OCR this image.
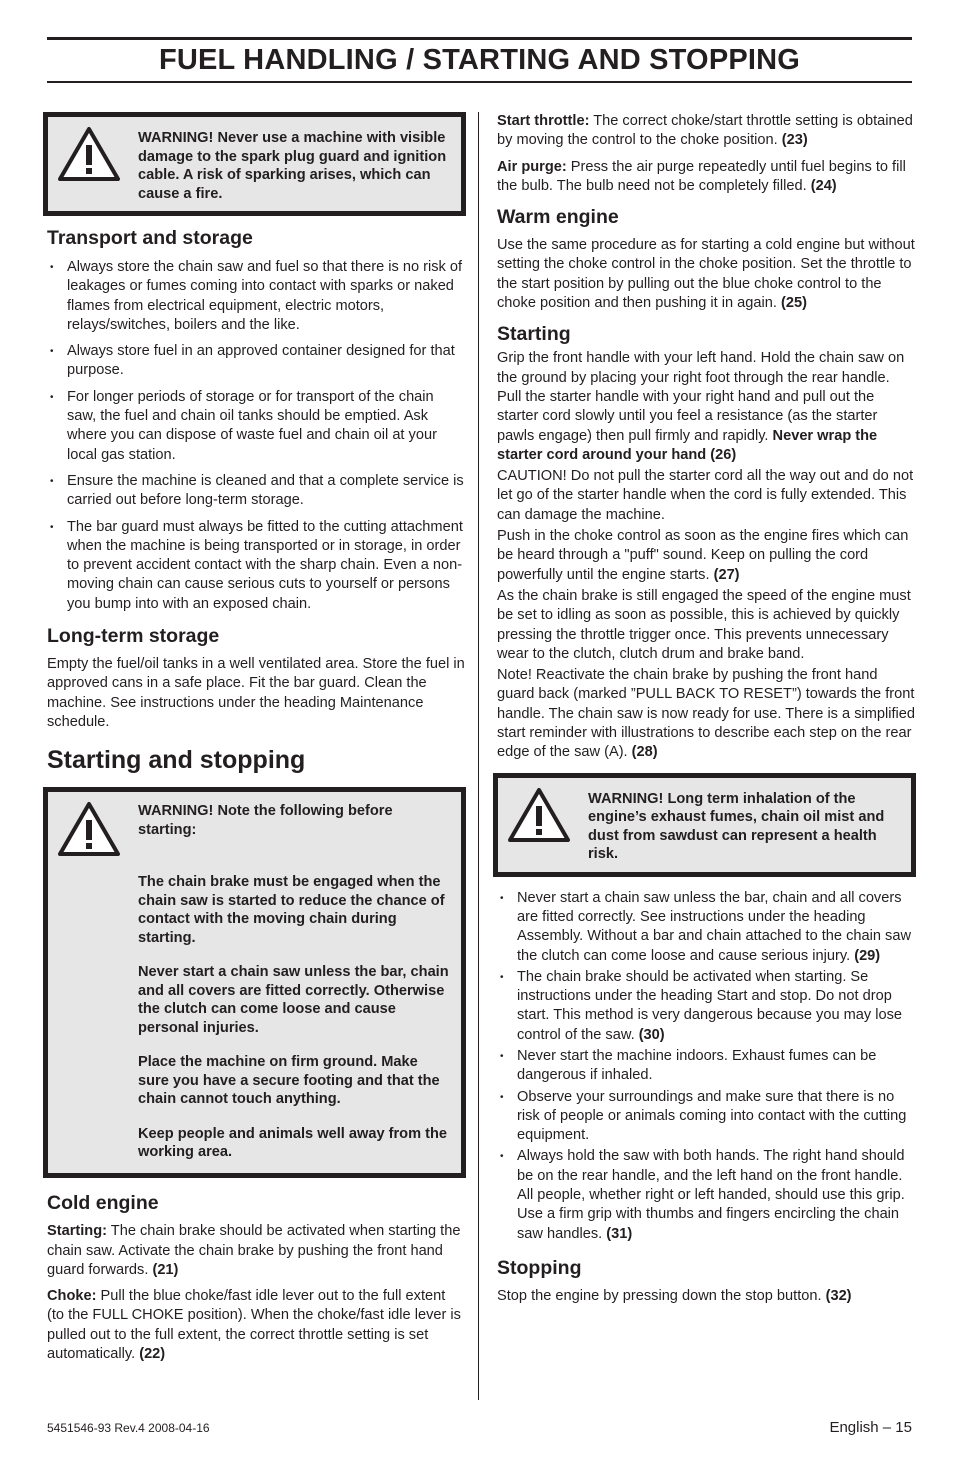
FUEL HANDLING / STARTING AND STOPPING

WARNING! Never use a machine with visible damage to the spark plug guard and ignition cable. A risk of sparking arises, which can cause a fire.

Transport and storage
• Always store the chain saw and fuel so that there is no risk of leakages or fumes coming into contact with sparks or naked flames from electrical equipment, electric motors, relays/switches, boilers and the like.
• Always store fuel in an approved container designed for that purpose.
• For longer periods of storage or for transport of the chain saw, the fuel and chain oil tanks should be emptied. Ask where you can dispose of waste fuel and chain oil at your local gas station.
• Ensure the machine is cleaned and that a complete service is carried out before long-term storage.
• The bar guard must always be fitted to the cutting attachment when the machine is being transported or in storage, in order to prevent accident contact with the sharp chain. Even a non-moving chain can cause serious cuts to yourself or persons you bump into with an exposed chain.
Long-term storage

Empty the fuel/oil tanks in a well ventilated area. Store the fuel in approved cans in a safe place. Fit the bar guard. Clean the machine. See instructions under the heading Maintenance schedule.

Starting and stopping

WARNING! Note the following before starting:

The chain brake must be engaged when the chain saw is started to reduce the chance of contact with the moving chain during starting.

Never start a chain saw unless the bar, chain and all covers are fitted correctly. Otherwise the clutch can come loose and cause personal injuries.

Place the machine on firm ground. Make sure you have a secure footing and that the chain cannot touch anything.

Keep people and animals well away from the working area.

Cold engine

Starting: The chain brake should be activated when starting the chain saw. Activate the chain brake by pushing the front hand guard forwards. (21)

Choke: Pull the blue choke/fast idle lever out to the full extent (to the FULL CHOKE position). When the choke/fast idle lever is pulled out to the full extent, the correct throttle setting is set automatically. (22)

Start throttle: The correct choke/start throttle setting is obtained by moving the control to the choke position. (23)

Air purge: Press the air purge repeatedly until fuel begins to fill the bulb. The bulb need not be completely filled. (24)

Warm engine

Use the same procedure as for starting a cold engine but without setting the choke control in the choke position. Set the throttle to the start position by pulling out the blue choke control to the choke position and then pushing it in again. (25)

Starting

Grip the front handle with your left hand. Hold the chain saw on the ground by placing your right foot through the rear handle. Pull the starter handle with your right hand and pull out the starter cord slowly until you feel a resistance (as the starter pawls engage) then pull firmly and rapidly. Never wrap the starter cord around your hand (26)

CAUTION! Do not pull the starter cord all the way out and do not let go of the starter handle when the cord is fully extended. This can damage the machine.

Push in the choke control as soon as the engine fires which can be heard through a "puff" sound. Keep on pulling the cord powerfully until the engine starts. (27)

As the chain brake is still engaged the speed of the engine must be set to idling as soon as possible, this is achieved by quickly pressing the throttle trigger once. This prevents unnecessary wear to the clutch, clutch drum and brake band.

Note! Reactivate the chain brake by pushing the front hand guard back (marked ”PULL BACK TO RESET”) towards the front handle. The chain saw is now ready for use. There is a simplified start reminder with illustrations to describe each step on the rear edge of the saw (A). (28)

WARNING! Long term inhalation of the engine’s exhaust fumes, chain oil mist and dust from sawdust can represent a health risk.

• Never start a chain saw unless the bar, chain and all covers are fitted correctly. See instructions under the heading Assembly. Without a bar and chain attached to the chain saw the clutch can come loose and cause serious injury. (29)
• The chain brake should be activated when starting. Se instructions under the heading Start and stop. Do not drop start. This method is very dangerous because you may lose control of the saw. (30)
• Never start the machine indoors. Exhaust fumes can be dangerous if inhaled.
• Observe your surroundings and make sure that there is no risk of people or animals coming into contact with the cutting equipment.
• Always hold the saw with both hands. The right hand should be on the rear handle, and the left hand on the front handle. All people, whether right or left handed, should use this grip. Use a firm grip with thumbs and fingers encircling the chain saw handles. (31)
Stopping

Stop the engine by pressing down the stop button. (32)

5451546-93 Rev.4 2008-04-16	English – 15
